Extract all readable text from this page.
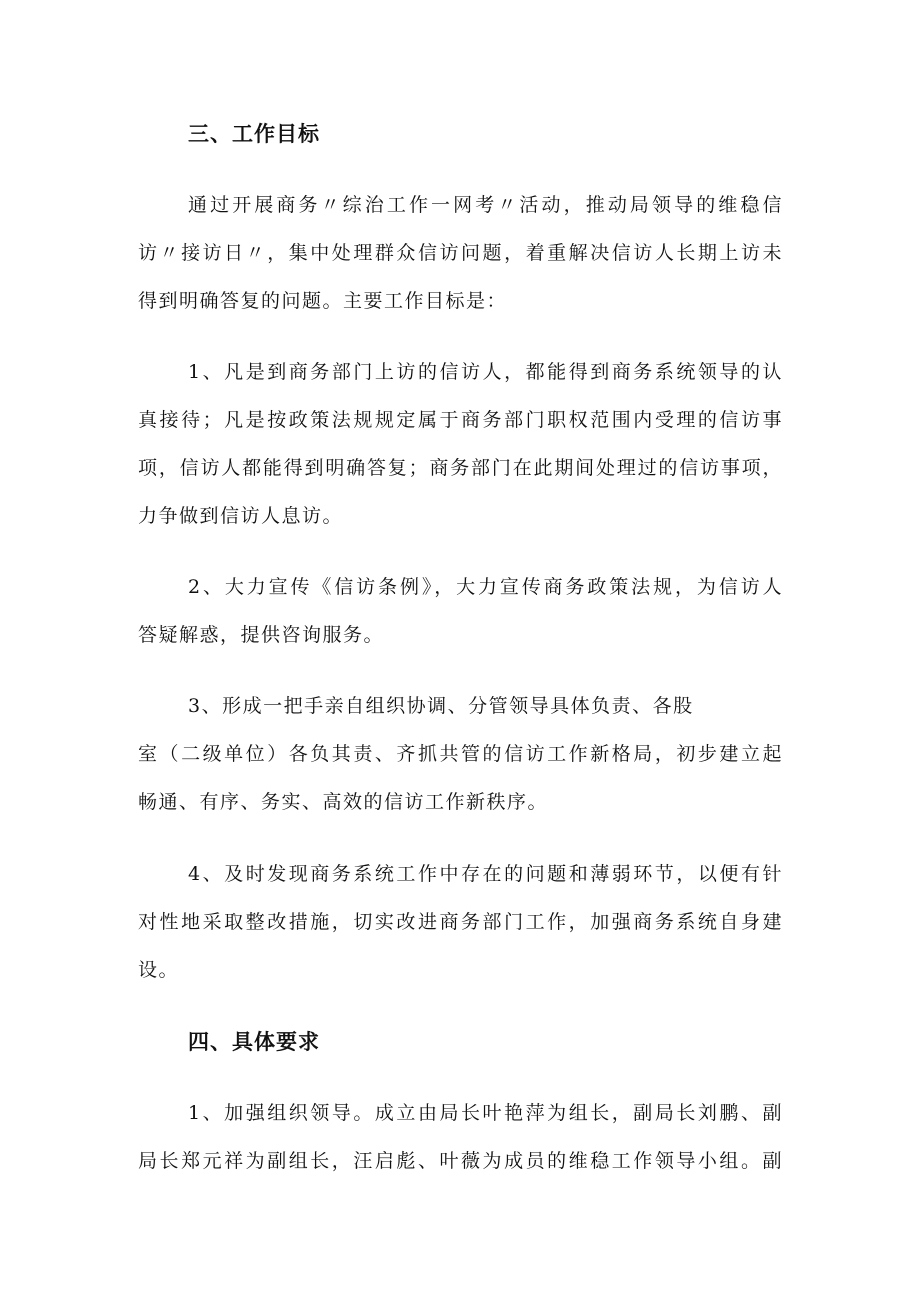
三、工作目标
通过开展商务〃综治工作一网考〃活动，推动局领导的维稳信
访〃接访日〃，集中处理群众信访问题，着重解决信访人长期上访未
得到明确答复的问题。主要工作目标是：
1、凡是到商务部门上访的信访人，都能得到商务系统领导的认
真接待；凡是按政策法规规定属于商务部门职权范围内受理的信访事
项，信访人都能得到明确答复；商务部门在此期间处理过的信访事项，
力争做到信访人息访。
2、大力宣传《信访条例》，大力宣传商务政策法规，为信访人
答疑解惑，提供咨询服务。
3、形成一把手亲自组织协调、分管领导具体负责、各股
室（二级单位）各负其责、齐抓共管的信访工作新格局，初步建立起
畅通、有序、务实、高效的信访工作新秩序。
4、及时发现商务系统工作中存在的问题和薄弱环节，以便有针
对性地采取整改措施，切实改进商务部门工作，加强商务系统自身建
设。
四、具体要求
1、加强组织领导。成立由局长叶艳萍为组长，副局长刘鹏、副
局长郑元祥为副组长，汪启彪、叶薇为成员的维稳工作领导小组。副
